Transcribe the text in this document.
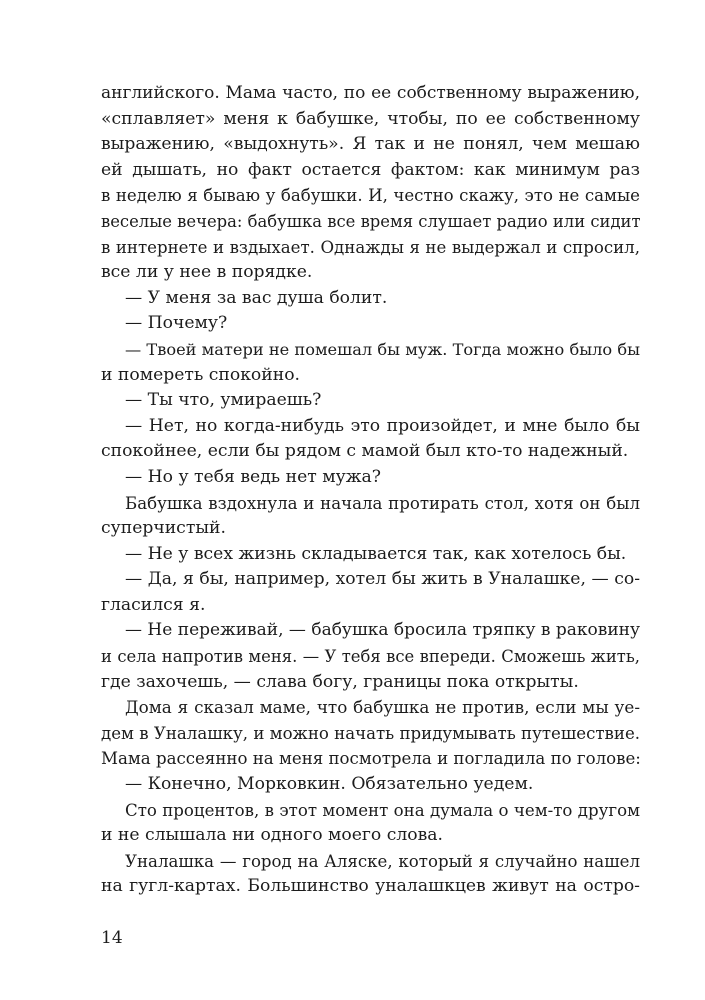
английского. Мама часто, по ее собственному выражению,
«сплавляет» меня к бабушке, чтобы, по ее собственному
выражению, «выдохнуть». Я так и не понял, чем мешаю
ей дышать, но факт остается фактом: как минимум раз
в неделю я бываю у бабушки. И, честно скажу, это не самые
веселые вечера: бабушка все время слушает радио или сидит
в интернете и вздыхает. Однажды я не выдержал и спросил,
все ли у нее в порядке.
— У меня за вас душа болит.
— Почему?
— Твоей матери не помешал бы муж. Тогда можно было бы
и помереть спокойно.
— Ты что, умираешь?
— Нет, но когда-нибудь это произойдет, и мне было бы
спокойнее, если бы рядом с мамой был кто-то надежный.
— Но у тебя ведь нет мужа?
Бабушка вздохнула и начала протирать стол, хотя он был
суперчистый.
— Не у всех жизнь складывается так, как хотелось бы.
— Да, я бы, например, хотел бы жить в Уналашке, — со-
гласился я.
— Не переживай, — бабушка бросила тряпку в раковину
и села напротив меня. — У тебя все впереди. Сможешь жить,
где захочешь, — слава богу, границы пока открыты.
Дома я сказал маме, что бабушка не против, если мы уе-
дем в Уналашку, и можно начать придумывать путешествие.
Мама рассеянно на меня посмотрела и погладила по голове:
— Конечно, Морковкин. Обязательно уедем.
Сто процентов, в этот момент она думала о чем-то другом
и не слышала ни одного моего слова.
Уналашка — город на Аляске, который я случайно нашел
на гугл-картах. Большинство уналашкцев живут на остро-
14
